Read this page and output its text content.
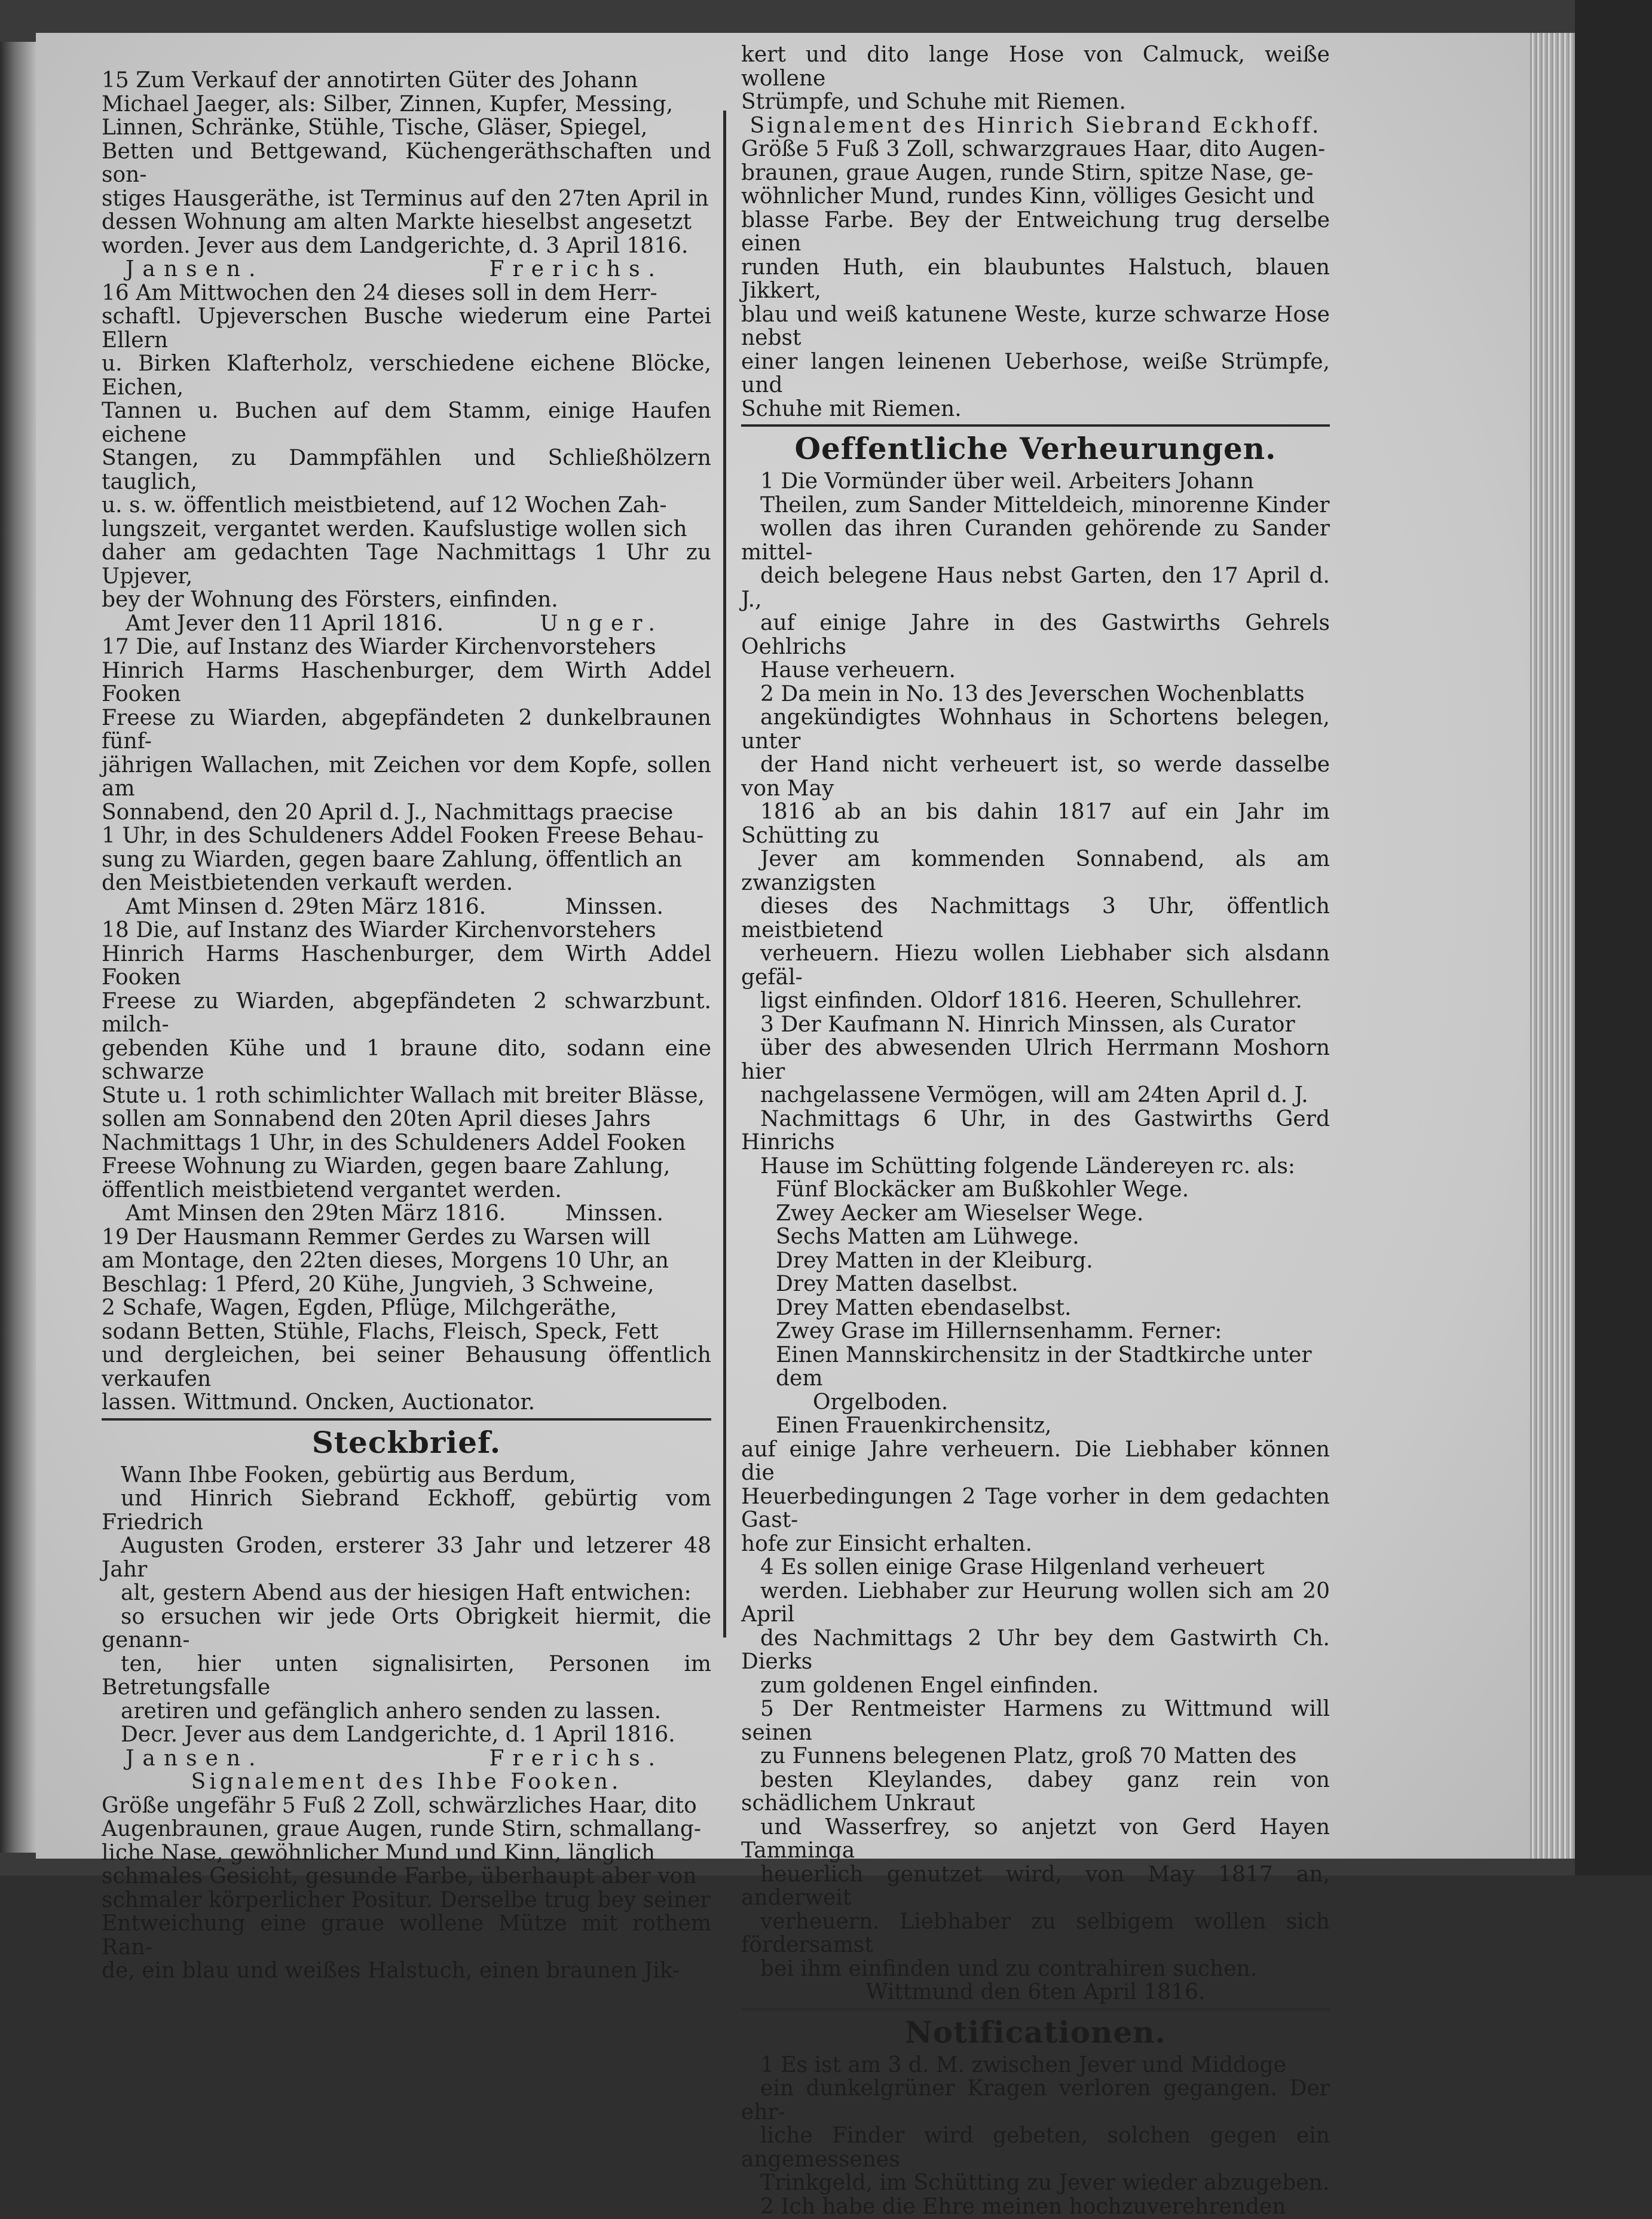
15 Zum Verkauf der annotirten Güter des Johann
Michael Jaeger, als: Silber, Zinnen, Kupfer, Messing,
Linnen, Schränke, Stühle, Tische, Gläser, Spiegel,
Betten und Bettgewand, Küchengeräthschaften und son-
stiges Hausgeräthe, ist Terminus auf den 27ten April in
dessen Wohnung am alten Markte hieselbst angesetzt
worden. Jever aus dem Landgerichte, d. 3 April 1816.

Jansen.	Frerichs.

16 Am Mittwochen den 24 dieses soll in dem Herr-
schaftl. Upjeverschen Busche wiederum eine Partei Ellern
u. Birken Klafterholz, verschiedene eichene Blöcke, Eichen,
Tannen u. Buchen auf dem Stamm, einige Haufen eichene
Stangen, zu Dammpfählen und Schließhölzern tauglich,
u. s. w. öffentlich meistbietend, auf 12 Wochen Zah-
lungszeit, vergantet werden. Kaufslustige wollen sich
daher am gedachten Tage Nachmittags 1 Uhr zu Upjever,
bey der Wohnung des Försters, einfinden.

Amt Jever den 11 April 1816.	Unger.

17 Die, auf Instanz des Wiarder Kirchenvorstehers
Hinrich Harms Haschenburger, dem Wirth Addel Fooken
Freese zu Wiarden, abgepfändeten 2 dunkelbraunen fünf-
jährigen Wallachen, mit Zeichen vor dem Kopfe, sollen am
Sonnabend, den 20 April d. J., Nachmittags praecise
1 Uhr, in des Schuldeners Addel Fooken Freese Behau-
sung zu Wiarden, gegen baare Zahlung, öffentlich an
den Meistbietenden verkauft werden.

Amt Minsen d. 29ten März 1816.	Minssen.

18 Die, auf Instanz des Wiarder Kirchenvorstehers
Hinrich Harms Haschenburger, dem Wirth Addel Fooken
Freese zu Wiarden, abgepfändeten 2 schwarzbunt. milch-
gebenden Kühe und 1 braune dito, sodann eine schwarze
Stute u. 1 roth schimlichter Wallach mit breiter Blässe,
sollen am Sonnabend den 20ten April dieses Jahrs
Nachmittags 1 Uhr, in des Schuldeners Addel Fooken
Freese Wohnung zu Wiarden, gegen baare Zahlung,
öffentlich meistbietend vergantet werden.

Amt Minsen den 29ten März 1816.	Minssen.

19 Der Hausmann Remmer Gerdes zu Warsen will
am Montage, den 22ten dieses, Morgens 10 Uhr, an
Beschlag: 1 Pferd, 20 Kühe, Jungvieh, 3 Schweine,
2 Schafe, Wagen, Egden, Pflüge, Milchgeräthe,
sodann Betten, Stühle, Flachs, Fleisch, Speck, Fett
und dergleichen, bei seiner Behausung öffentlich verkaufen
lassen. Wittmund. Oncken, Auctionator.

Steckbrief.

Wann Ihbe Fooken, gebürtig aus Berdum,
und Hinrich Siebrand Eckhoff, gebürtig vom Friedrich
Augusten Groden, ersterer 33 Jahr und letzerer 48 Jahr
alt, gestern Abend aus der hiesigen Haft entwichen:
so ersuchen wir jede Orts Obrigkeit hiermit, die genann-
ten, hier unten signalisirten, Personen im Betretungsfalle
aretiren und gefänglich anhero senden zu lassen.
Decr. Jever aus dem Landgerichte, d. 1 April 1816.

Jansen.	Frerichs.
Signalement des Ihbe Fooken.

Größe ungefähr 5 Fuß 2 Zoll, schwärzliches Haar, dito
Augenbraunen, graue Augen, runde Stirn, schmallang-
liche Nase, gewöhnlicher Mund und Kinn, länglich
schmales Gesicht, gesunde Farbe, überhaupt aber von
schmaler körperlicher Positur. Derselbe trug bey seiner
Entweichung eine graue wollene Mütze mit rothem Ran-
de, ein blau und weißes Halstuch, einen braunen Jik-

kert und dito lange Hose von Calmuck, weiße wollene
Strümpfe, und Schuhe mit Riemen.

Signalement des Hinrich Siebrand Eckhoff.

Größe 5 Fuß 3 Zoll, schwarzgraues Haar, dito Augen-
braunen, graue Augen, runde Stirn, spitze Nase, ge-
wöhnlicher Mund, rundes Kinn, völliges Gesicht und
blasse Farbe. Bey der Entweichung trug derselbe einen
runden Huth, ein blaubuntes Halstuch, blauen Jikkert,
blau und weiß katunene Weste, kurze schwarze Hose nebst
einer langen leinenen Ueberhose, weiße Strümpfe, und
Schuhe mit Riemen.

Oeffentliche Verheurungen.

1 Die Vormünder über weil. Arbeiters Johann
Theilen, zum Sander Mitteldeich, minorenne Kinder
wollen das ihren Curanden gehörende zu Sander mittel-
deich belegene Haus nebst Garten, den 17 April d. J.,
auf einige Jahre in des Gastwirths Gehrels Oehlrichs
Hause verheuern.

2 Da mein in No. 13 des Jeverschen Wochenblatts
angekündigtes Wohnhaus in Schortens belegen, unter
der Hand nicht verheuert ist, so werde dasselbe von May
1816 ab an bis dahin 1817 auf ein Jahr im Schütting zu
Jever am kommenden Sonnabend, als am zwanzigsten
dieses des Nachmittags 3 Uhr, öffentlich meistbietend
verheuern. Hiezu wollen Liebhaber sich alsdann gefäl-
ligst einfinden. Oldorf 1816. Heeren, Schullehrer.

3 Der Kaufmann N. Hinrich Minssen, als Curator
über des abwesenden Ulrich Herrmann Moshorn hier
nachgelassene Vermögen, will am 24ten April d. J.
Nachmittags 6 Uhr, in des Gastwirths Gerd Hinrichs
Hause im Schütting folgende Ländereyen rc. als:

Fünf Blockäcker am Bußkohler Wege.
Zwey Aecker am Wieselser Wege.
Sechs Matten am Lühwege.
Drey Matten in der Kleiburg.
Drey Matten daselbst.
Drey Matten ebendaselbst.
Zwey Grase im Hillernsenhamm. Ferner:
Einen Mannskirchensitz in der Stadtkirche unter dem
Orgelboden.
Einen Frauenkirchensitz,

auf einige Jahre verheuern. Die Liebhaber können die
Heuerbedingungen 2 Tage vorher in dem gedachten Gast-
hofe zur Einsicht erhalten.

4 Es sollen einige Grase Hilgenland verheuert
werden. Liebhaber zur Heurung wollen sich am 20 April
des Nachmittags 2 Uhr bey dem Gastwirth Ch. Dierks
zum goldenen Engel einfinden.

5 Der Rentmeister Harmens zu Wittmund will seinen
zu Funnens belegenen Platz, groß 70 Matten des
besten Kleylandes, dabey ganz rein von schädlichem Unkraut
und Wasserfrey, so anjetzt von Gerd Hayen Tamminga
heuerlich genutzet wird, von May 1817 an, anderweit
verheuern. Liebhaber zu selbigem wollen sich fördersamst
bei ihm einfinden und zu contrahiren suchen.

Wittmund den 6ten April 1816.
Notificationen.

1 Es ist am 3 d. M. zwischen Jever und Middoge
ein dunkelgrüner Kragen verloren gegangen. Der ehr-
liche Finder wird gebeten, solchen gegen ein angemessenes
Trinkgeld, im Schütting zu Jever wieder abzugeben.

2 Ich habe die Ehre meinen hochzuverehrenden
